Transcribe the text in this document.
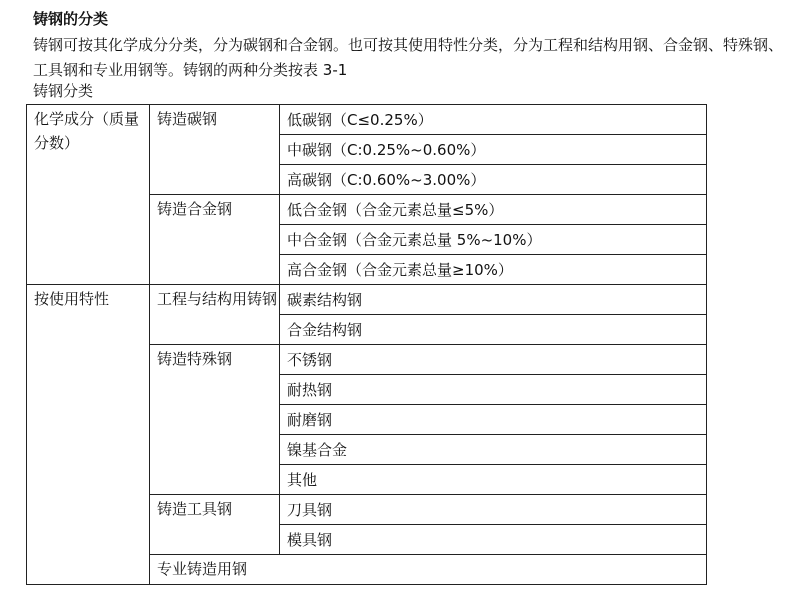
铸钢的分类
铸钢可按其化学成分分类，分为碳钢和合金钢。也可按其使用特性分类，分为工程和结构用钢、合金钢、特殊钢、工具钢和专业用钢等。铸钢的两种分类按表 3-1
铸钢分类
化学成分（质量分数）	铸造碳钢	低碳钢（C≤0.25%）
		中碳钢（C:0.25%~0.60%）
		高碳钢（C:0.60%~3.00%）
	铸造合金钢	低合金钢（合金元素总量≤5%）
		中合金钢（合金元素总量 5%~10%）
		高合金钢（合金元素总量≥10%）
按使用特性	工程与结构用铸钢	碳素结构钢
		合金结构钢
	铸造特殊钢	不锈钢
		耐热钢
		耐磨钢
		镍基合金
		其他
	铸造工具钢	刀具钢
		模具钢
	专业铸造用钢	
